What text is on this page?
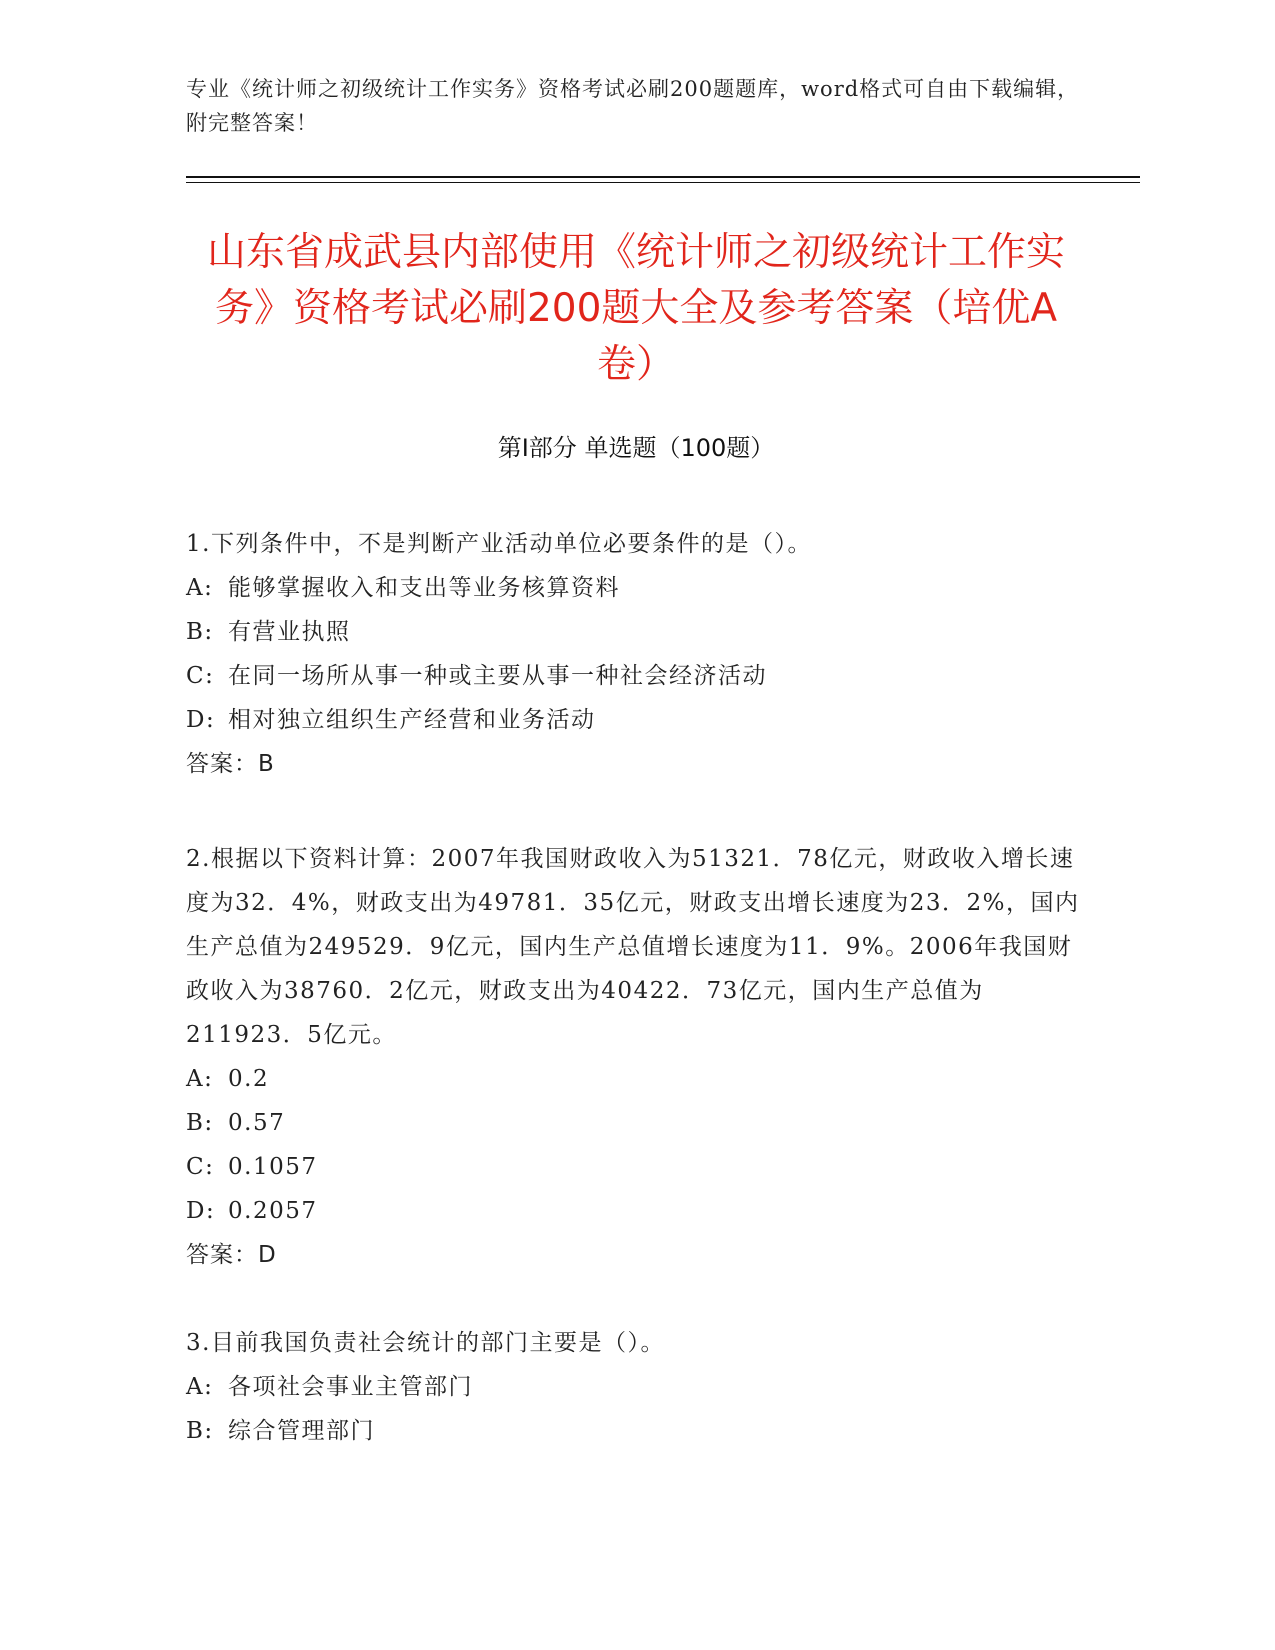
专业《统计师之初级统计工作实务》资格考试必刷200题题库，word格式可自由下载编辑，附完整答案！
山东省成武县内部使用《统计师之初级统计工作实务》资格考试必刷200题大全及参考答案（培优A卷）
第Ⅰ部分 单选题（100题）
1.下列条件中，不是判断产业活动单位必要条件的是（）。
A: 能够掌握收入和支出等业务核算资料
B: 有营业执照
C: 在同一场所从事一种或主要从事一种社会经济活动
D: 相对独立组织生产经营和业务活动
答案：B
2.根据以下资料计算：2007年我国财政收入为51321．78亿元，财政收入增长速度为32．4%，财政支出为49781．35亿元，财政支出增长速度为23．2%，国内生产总值为249529．9亿元，国内生产总值增长速度为11．9%。2006年我国财政收入为38760．2亿元，财政支出为40422．73亿元，国内生产总值为211923．5亿元。
A: 0.2
B: 0.57
C: 0.1057
D: 0.2057
答案：D
3.目前我国负责社会统计的部门主要是（）。
A: 各项社会事业主管部门
B: 综合管理部门
